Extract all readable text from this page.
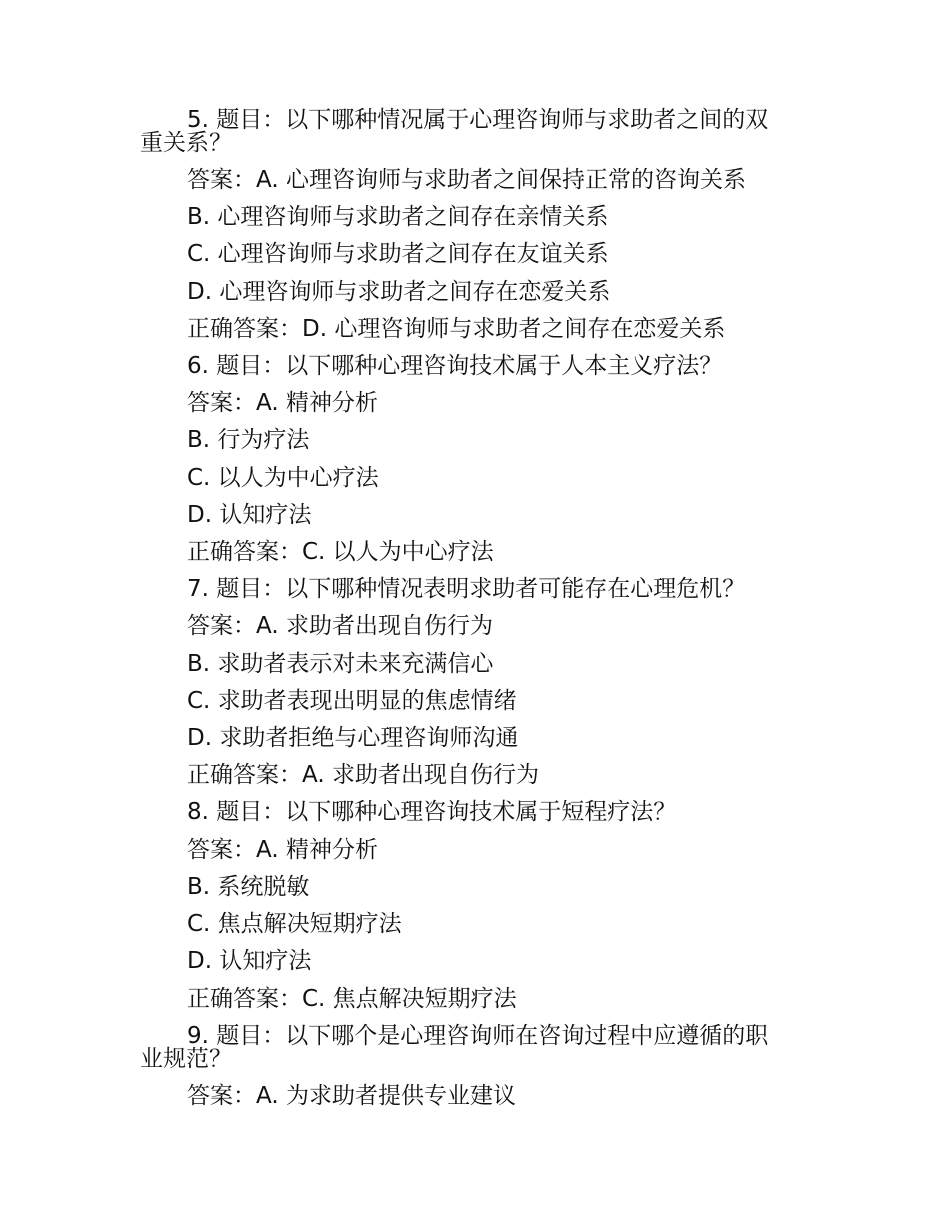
5. 题目：以下哪种情况属于心理咨询师与求助者之间的双
重关系？
答案：A. 心理咨询师与求助者之间保持正常的咨询关系
B. 心理咨询师与求助者之间存在亲情关系
C. 心理咨询师与求助者之间存在友谊关系
D. 心理咨询师与求助者之间存在恋爱关系
正确答案：D. 心理咨询师与求助者之间存在恋爱关系
6. 题目：以下哪种心理咨询技术属于人本主义疗法？
答案：A. 精神分析
B. 行为疗法
C. 以人为中心疗法
D. 认知疗法
正确答案：C. 以人为中心疗法
7. 题目：以下哪种情况表明求助者可能存在心理危机？
答案：A. 求助者出现自伤行为
B. 求助者表示对未来充满信心
C. 求助者表现出明显的焦虑情绪
D. 求助者拒绝与心理咨询师沟通
正确答案：A. 求助者出现自伤行为
8. 题目：以下哪种心理咨询技术属于短程疗法？
答案：A. 精神分析
B. 系统脱敏
C. 焦点解决短期疗法
D. 认知疗法
正确答案：C. 焦点解决短期疗法
9. 题目：以下哪个是心理咨询师在咨询过程中应遵循的职
业规范？
答案：A. 为求助者提供专业建议
